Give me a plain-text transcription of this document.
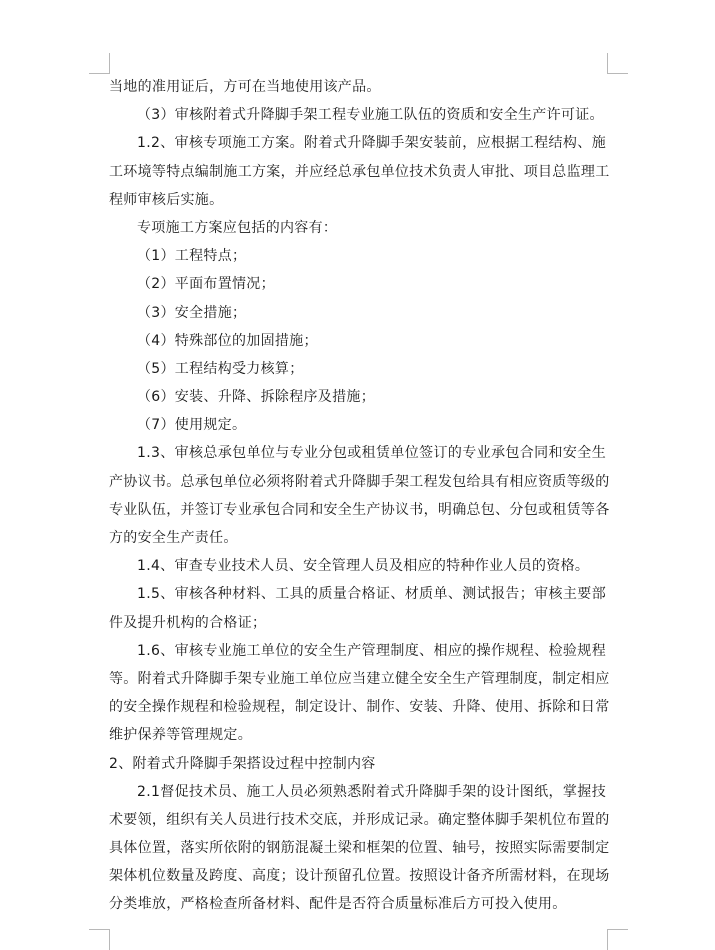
当地的准用证后，方可在当地使用该产品。
（3）审核附着式升降脚手架工程专业施工队伍的资质和安全生产许可证。
1.2、审核专项施工方案。附着式升降脚手架安装前，应根据工程结构、施
工环境等特点编制施工方案，并应经总承包单位技术负责人审批、项目总监理工
程师审核后实施。
专项施工方案应包括的内容有：
（1）工程特点；
（2）平面布置情况；
（3）安全措施；
（4）特殊部位的加固措施；
（5）工程结构受力核算；
（6）安装、升降、拆除程序及措施；
（7）使用规定。
1.3、审核总承包单位与专业分包或租赁单位签订的专业承包合同和安全生
产协议书。总承包单位必须将附着式升降脚手架工程发包给具有相应资质等级的
专业队伍，并签订专业承包合同和安全生产协议书，明确总包、分包或租赁等各
方的安全生产责任。
1.4、审查专业技术人员、安全管理人员及相应的特种作业人员的资格。
1.5、审核各种材料、工具的质量合格证、材质单、测试报告；审核主要部
件及提升机构的合格证；
1.6、审核专业施工单位的安全生产管理制度、相应的操作规程、检验规程
等。附着式升降脚手架专业施工单位应当建立健全安全生产管理制度，制定相应
的安全操作规程和检验规程，制定设计、制作、安装、升降、使用、拆除和日常
维护保养等管理规定。
2、附着式升降脚手架搭设过程中控制内容
2.1督促技术员、施工人员必须熟悉附着式升降脚手架的设计图纸，掌握技
术要领，组织有关人员进行技术交底，并形成记录。确定整体脚手架机位布置的
具体位置，落实所依附的钢筋混凝土梁和框架的位置、轴号，按照实际需要制定
架体机位数量及跨度、高度；设计预留孔位置。按照设计备齐所需材料，在现场
分类堆放，严格检查所备材料、配件是否符合质量标准后方可投入使用。
